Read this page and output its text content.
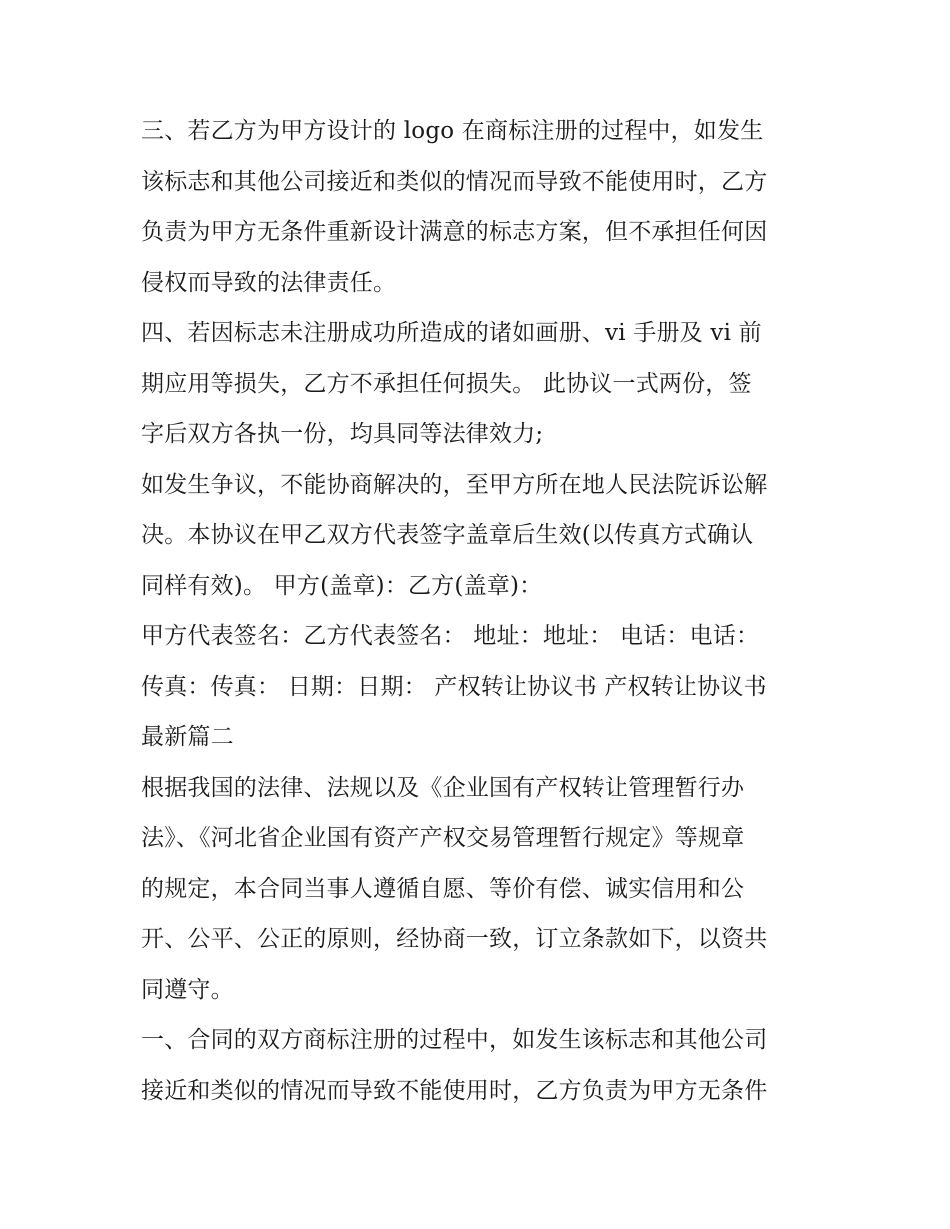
三、若乙方为甲方设计的 logo 在商标注册的过程中，如发生
该标志和其他公司接近和类似的情况而导致不能使用时，乙方
负责为甲方无条件重新设计满意的标志方案，但不承担任何因
侵权而导致的法律责任。
四、若因标志未注册成功所造成的诸如画册、vi 手册及 vi 前
期应用等损失，乙方不承担任何损失。 此协议一式两份，签
字后双方各执一份，均具同等法律效力;
如发生争议，不能协商解决的，至甲方所在地人民法院诉讼解
决。本协议在甲乙双方代表签字盖章后生效(以传真方式确认
同样有效)。 甲方(盖章)：乙方(盖章)：
甲方代表签名：乙方代表签名： 地址：地址： 电话：电话：
传真：传真： 日期：日期： 产权转让协议书 产权转让协议书
最新篇二
根据我国的法律、法规以及《企业国有产权转让管理暂行办
法》、《河北省企业国有资产产权交易管理暂行规定》等规章
的规定，本合同当事人遵循自愿、等价有偿、诚实信用和公
开、公平、公正的原则，经协商一致，订立条款如下，以资共
同遵守。
一、合同的双方商标注册的过程中，如发生该标志和其他公司
接近和类似的情况而导致不能使用时，乙方负责为甲方无条件
